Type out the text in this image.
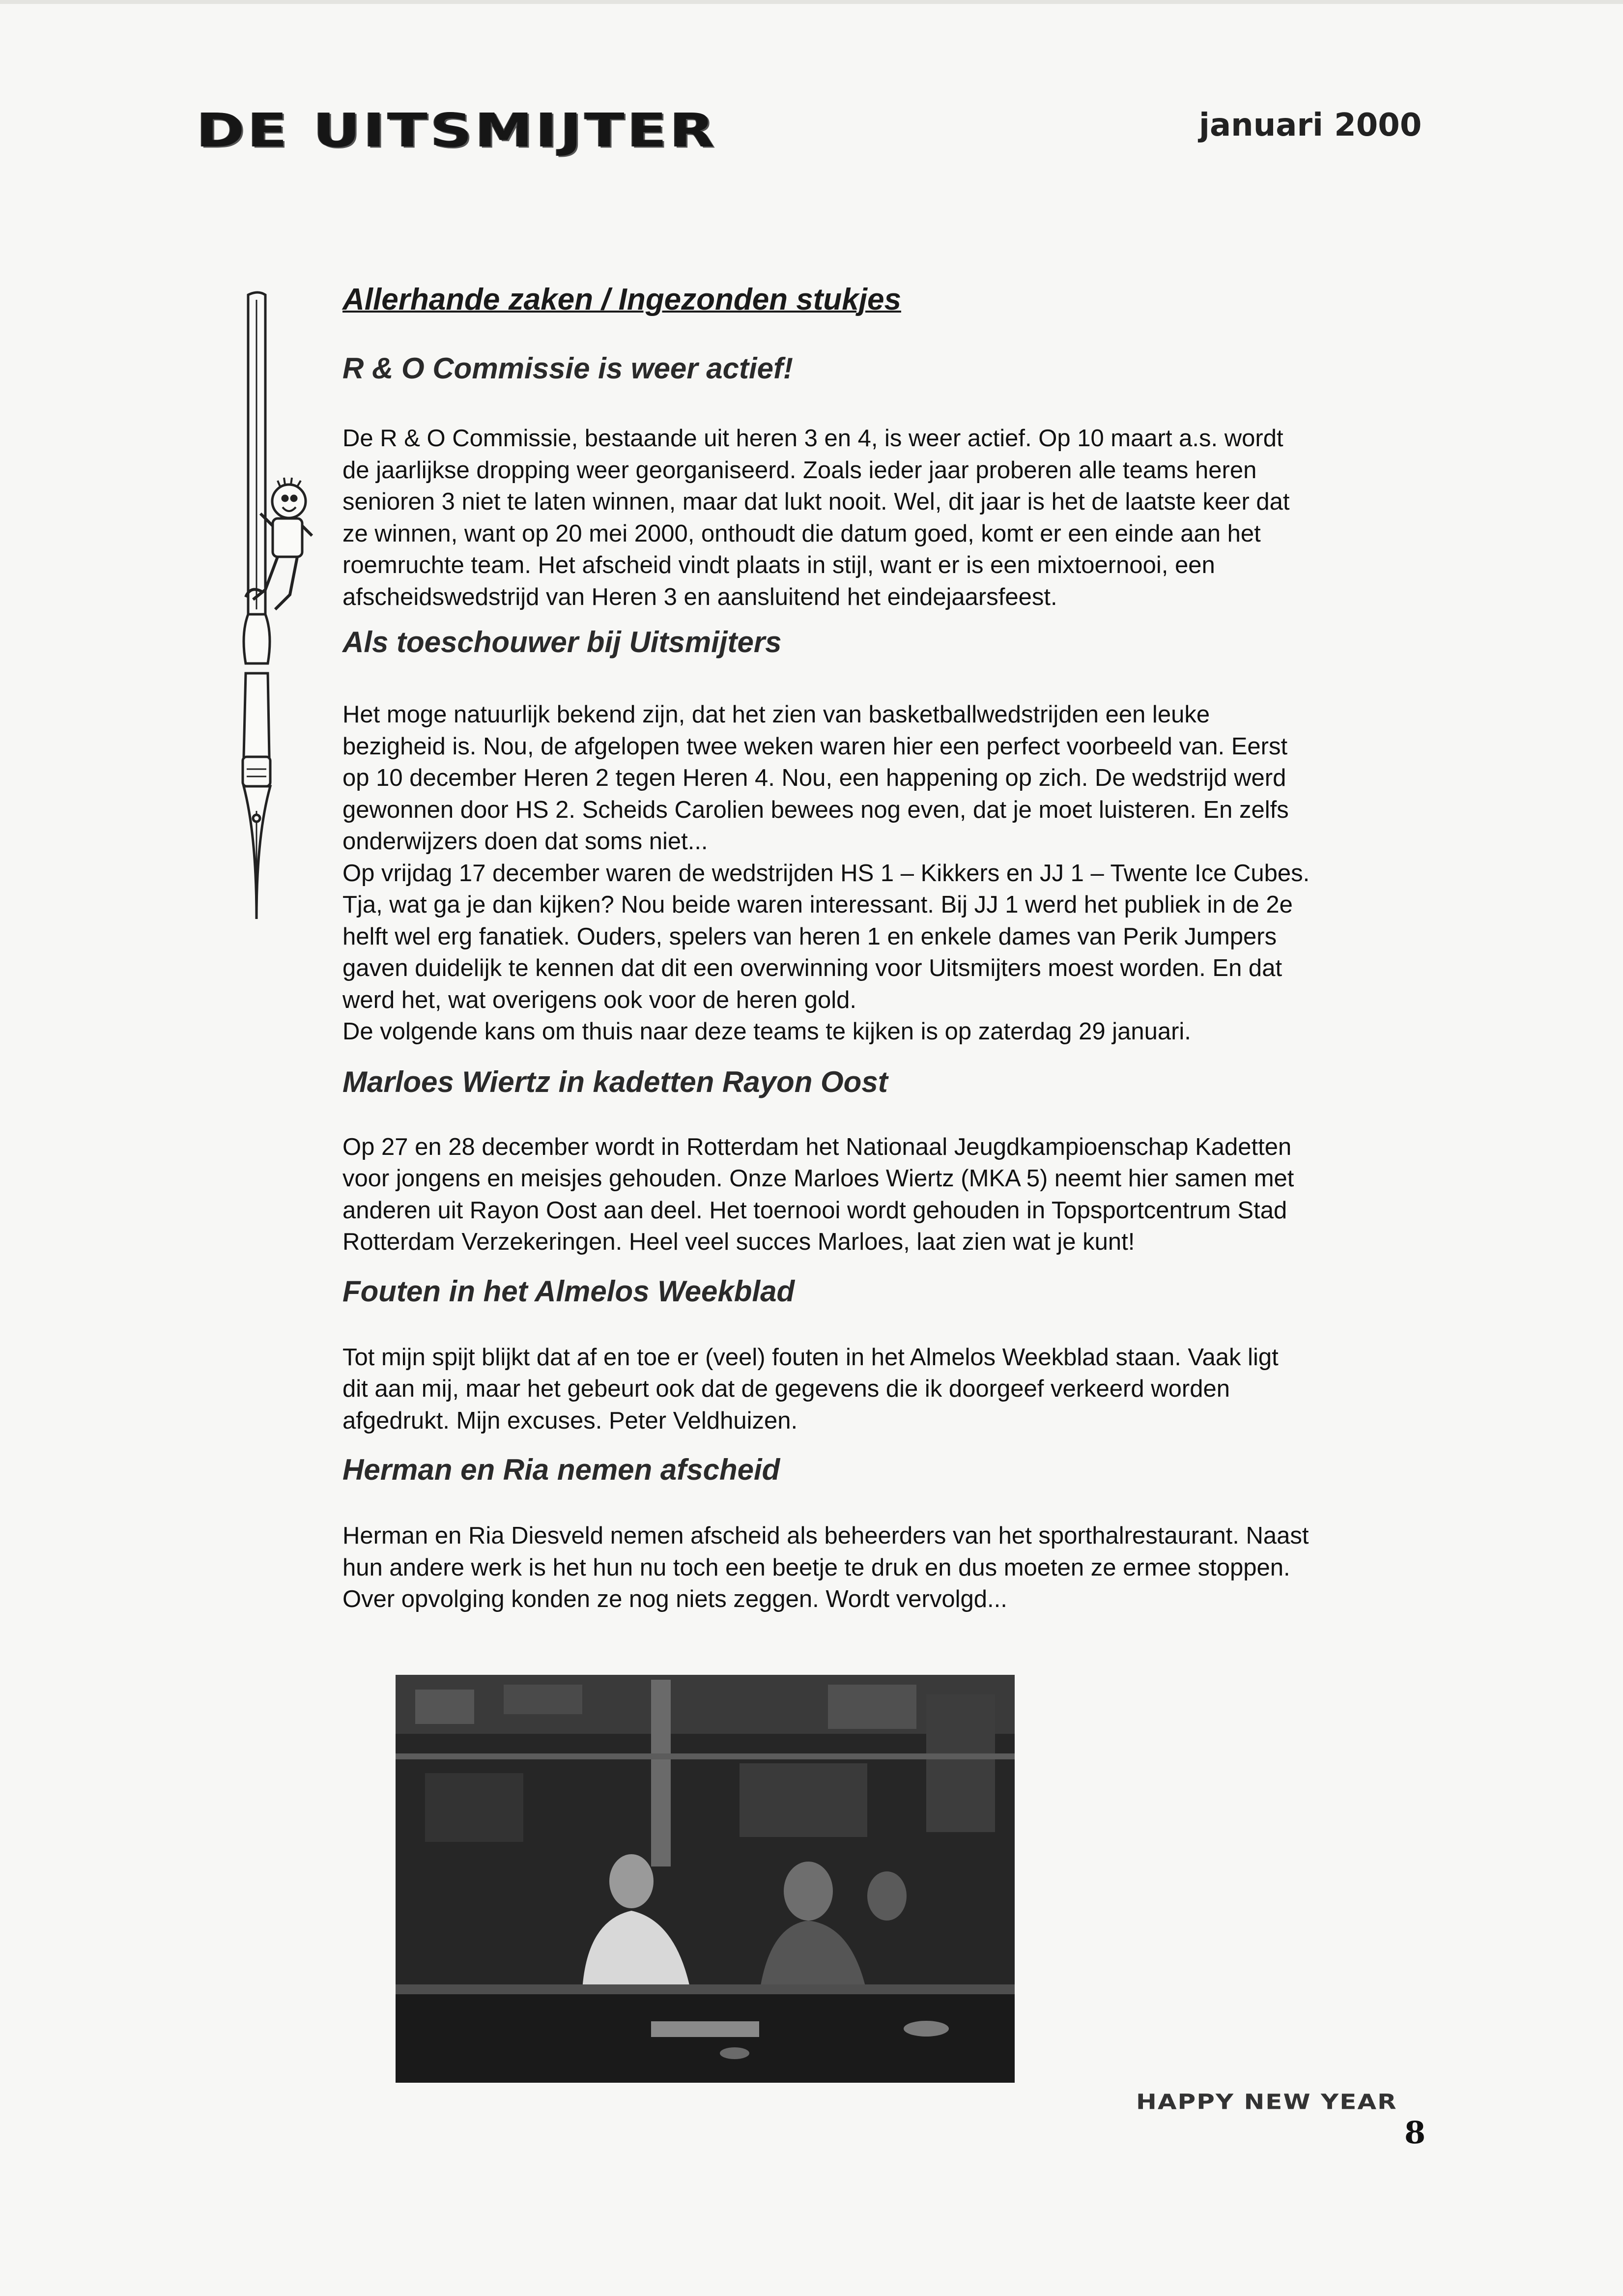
DE UITSMIJTER	januari 2000
Allerhande zaken / Ingezonden stukjes
R & O Commissie is weer actief!
De R & O Commissie, bestaande uit heren 3 en 4, is weer actief. Op 10 maart a.s. wordt
de jaarlijkse dropping weer georganiseerd. Zoals ieder jaar proberen alle teams heren
senioren 3 niet te laten winnen, maar dat lukt nooit. Wel, dit jaar is het de laatste keer dat
ze winnen, want op 20 mei 2000, onthoudt die datum goed, komt er een einde aan het
roemruchte team. Het afscheid vindt plaats in stijl, want er is een mixtoernooi, een
afscheidswedstrijd van Heren 3 en aansluitend het eindejaarsfeest.
Als toeschouwer bij Uitsmijters
Het moge natuurlijk bekend zijn, dat het zien van basketballwedstrijden een leuke
bezigheid is. Nou, de afgelopen twee weken waren hier een perfect voorbeeld van. Eerst
op 10 december Heren 2 tegen Heren 4. Nou, een happening op zich. De wedstrijd werd
gewonnen door HS 2. Scheids Carolien bewees nog even, dat je moet luisteren. En zelfs
onderwijzers doen dat soms niet...
Op vrijdag 17 december waren de wedstrijden HS 1 – Kikkers en JJ 1 – Twente Ice Cubes.
Tja, wat ga je dan kijken? Nou beide waren interessant. Bij JJ 1 werd het publiek in de 2e
helft wel erg fanatiek. Ouders, spelers van heren 1 en enkele dames van Perik Jumpers
gaven duidelijk te kennen dat dit een overwinning voor Uitsmijters moest worden. En dat
werd het, wat overigens ook voor de heren gold.
De volgende kans om thuis naar deze teams te kijken is op zaterdag 29 januari.
Marloes Wiertz in kadetten Rayon Oost
Op 27 en 28 december wordt in Rotterdam het Nationaal Jeugdkampioenschap Kadetten
voor jongens en meisjes gehouden. Onze Marloes Wiertz (MKA 5) neemt hier samen met
anderen uit Rayon Oost aan deel. Het toernooi wordt gehouden in Topsportcentrum Stad
Rotterdam Verzekeringen. Heel veel succes Marloes, laat zien wat je kunt!
Fouten in het Almelos Weekblad
Tot mijn spijt blijkt dat af en toe er (veel) fouten in het Almelos Weekblad staan. Vaak ligt
dit aan mij, maar het gebeurt ook dat de gegevens die ik doorgeef verkeerd worden
afgedrukt. Mijn excuses. Peter Veldhuizen.
Herman en Ria nemen afscheid
Herman en Ria Diesveld nemen afscheid als beheerders van het sporthalrestaurant. Naast
hun andere werk is het hun nu toch een beetje te druk en dus moeten ze ermee stoppen.
Over opvolging konden ze nog niets zeggen. Wordt vervolgd...
HAPPY NEW YEAR
8
